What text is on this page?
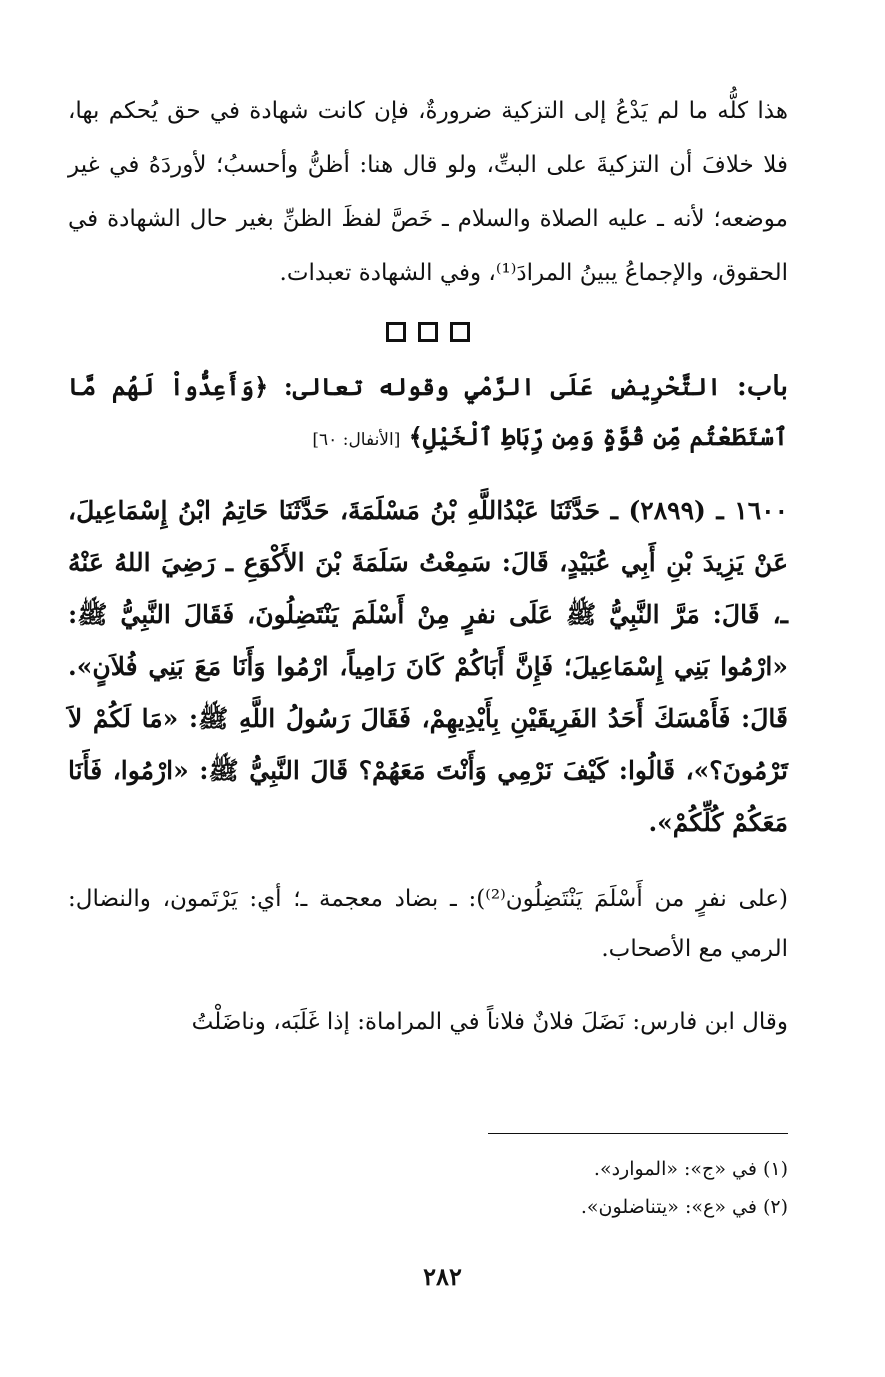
هذا كلُّه ما لم يَدْعُ إلى التزكية ضرورةٌ، فإن كانت شهادة في حق يُحكم بها، فلا خلافَ أن التزكيةَ على البتِّ، ولو قال هنا: أظنُّ وأحسبُ؛ لأوردَهُ في غير موضعه؛ لأنه ـ عليه الصلاة والسلام ـ خَصَّ لفظَ الظنِّ بغير حال الشهادة في الحقوق، والإجماعُ يبينُ المرادَ⁽¹⁾، وفي الشهادة تعبدات.

باب: التَّحْرِيضِ عَلَى الرَّمْيِ وقوله تعالى: ﴿وَأَعِدُّواْ لَهُم مَّا ٱسْتَطَعْتُم مِّن قُوَّةٍ وَمِن رِّبَاطِ ٱلْخَيْلِ﴾ [الأنفال: ٦٠]

١٦٠٠ ـ (٢٨٩٩) ـ حَدَّثَنَا عَبْدُاللَّهِ بْنُ مَسْلَمَةَ، حَدَّثَنَا حَاتِمُ ابْنُ إِسْمَاعِيلَ، عَنْ يَزِيدَ بْنِ أَبِي عُبَيْدٍ، قَالَ: سَمِعْتُ سَلَمَةَ بْنَ الأَكْوَعِ ـ رَضِيَ اللهُ عَنْهُ ـ، قَالَ: مَرَّ النَّبِيُّ ﷺ عَلَى نفرٍ مِنْ أَسْلَمَ يَنْتَضِلُونَ، فَقَالَ النَّبِيُّ ﷺ: «ارْمُوا بَنِي إِسْمَاعِيلَ؛ فَإِنَّ أَبَاكُمْ كَانَ رَامِياً، ارْمُوا وَأَنَا مَعَ بَنِي فُلاَنٍ». قَالَ: فَأَمْسَكَ أَحَدُ الفَرِيقَيْنِ بِأَيْدِيهِمْ، فَقَالَ رَسُولُ اللَّهِ ﷺ: «مَا لَكُمْ لاَ تَرْمُونَ؟»، قَالُوا: كَيْفَ نَرْمِي وَأَنْتَ مَعَهُمْ؟ قَالَ النَّبِيُّ ﷺ: «ارْمُوا، فَأَنَا مَعَكُمْ كُلِّكُمْ».

(على نفرٍ من أَسْلَمَ يَنْتَضِلُون⁽²⁾): ـ بضاد معجمة ـ؛ أي: يَرْتَمون، والنضال: الرمي مع الأصحاب.

وقال ابن فارس: نَضَلَ فلانٌ فلاناً في المراماة: إذا غَلَبَه، وناضَلْتُ

(١) في «ج»: «الموارد».

(٢) في «ع»: «يتناضلون».

٢٨٢
